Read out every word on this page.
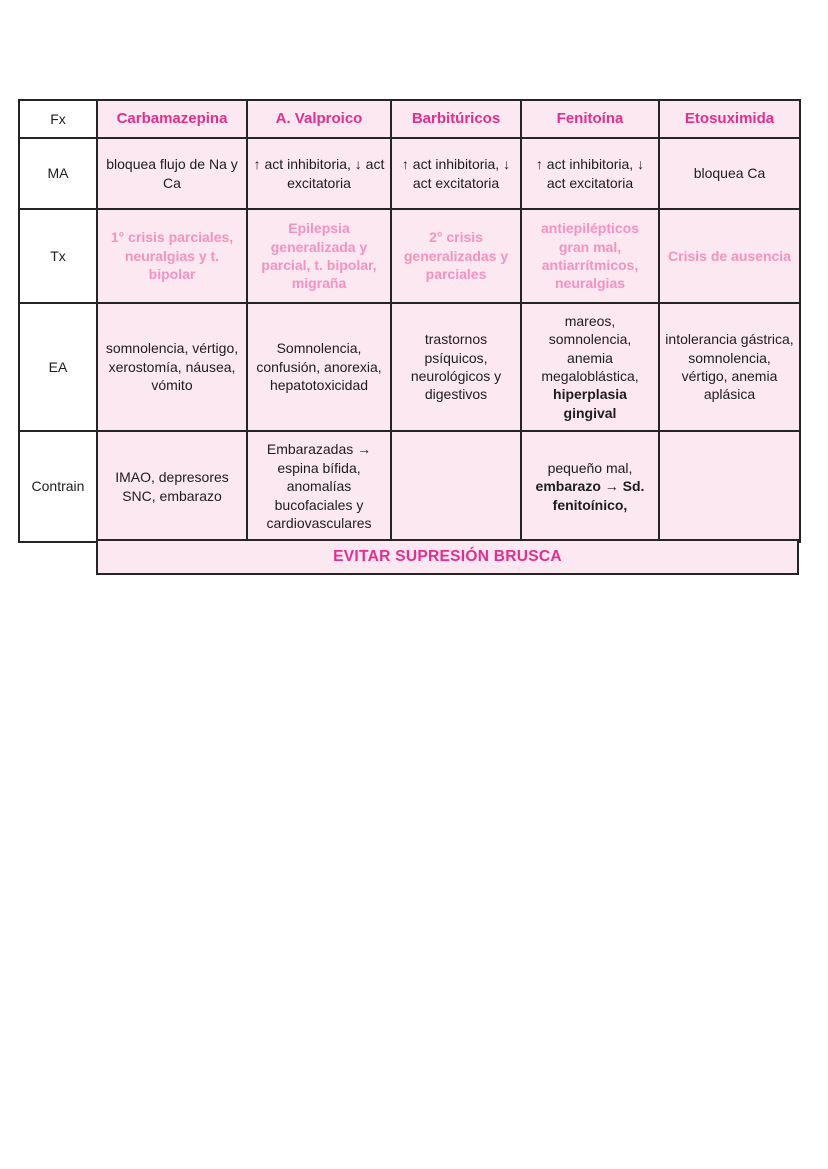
Fx	Carbamazepina	A. Valproico	Barbitúricos	Fenitoína	Etosuximida
MA	bloquea flujo de Na y Ca	↑ act inhibitoria, ↓ act excitatoria	↑ act inhibitoria, ↓ act excitatoria	↑ act inhibitoria, ↓ act excitatoria	bloquea Ca
Tx	1° crisis parciales, neuralgias y t. bipolar	Epilepsia generalizada y parcial, t. bipolar, migraña	2° crisis generalizadas y parciales	antiepilépticos gran mal, antiarrítmicos, neuralgias	Crisis de ausencia
EA	somnolencia, vértigo, xerostomía, náusea, vómito	Somnolencia, confusión, anorexia, hepatotoxicidad	trastornos psíquicos, neurológicos y digestivos	mareos, somnolencia, anemia megaloblástica,
hiperplasia gingival	intolerancia gástrica, somnolencia, vértigo, anemia aplásica
Contrain	IMAO, depresores SNC, embarazo	Embarazadas → espina bífida, anomalías bucofaciales y cardiovasculares		pequeño mal,
embarazo → Sd. fenitoínico,	

EVITAR SUPRESIÓN BRUSCA
